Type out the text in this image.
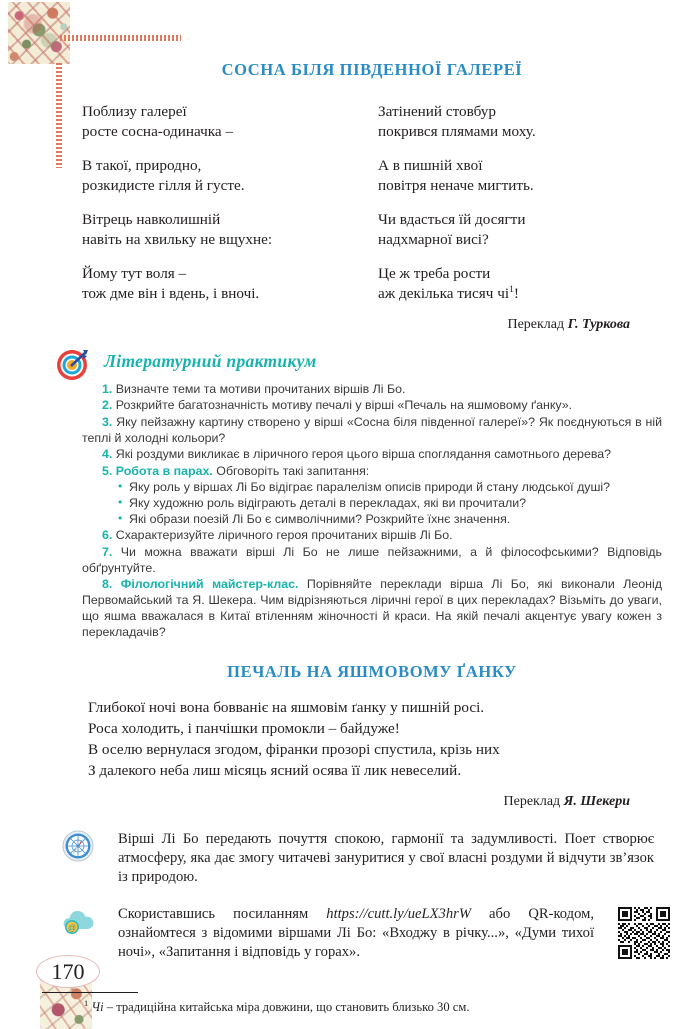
170
СОСНА БІЛЯ ПІВДЕННОЇ ГАЛЕРЕЇ
Поблизу галереї
росте сосна-одиначка –
В такої, природно,
розкидисте гілля й густе.
Вітрець навколишній
навіть на хвильку не вщухне:
Йому тут воля –
тож дме він і вдень, і вночі.
Затінений стовбур
покрився плямами моху.
А в пишній хвої
повітря неначе мигтить.
Чи вдасться їй досягти
надхмарної висі?
Це ж треба рости
аж декілька тисяч чі$^1$!
Переклад Г. Туркова
Літературний практикум

1. Визначте теми та мотиви прочитаних віршів Лі Бо.

2. Розкрийте багатозначність мотиву печалі у вірші «Печаль на яшмовому ґанку».

3. Яку пейзажну картину створено у вірші «Сосна біля південної галереї»? Як поєднуються в ній теплі й холодні кольори?

4. Які роздуми викликає в ліричного героя цього вірша споглядання самотнього дерева?

5. Робота в парах. Обговоріть такі запитання:

• Яку роль у віршах Лі Бо відіграє паралелізм описів природи й стану людської душі?
• Яку художню роль відіграють деталі в перекладах, які ви прочитали?
• Які образи поезій Лі Бо є символічними? Розкрийте їхнє значення.

6. Схарактеризуйте ліричного героя прочитаних віршів Лі Бо.

7. Чи можна вважати вірші Лі Бо не лише пейзажними, а й філософськими? Відповідь обґрунтуйте.

8. Філологічний майстер-клас. Порівняйте переклади вірша Лі Бо, які виконали Леонід Первомайський та Я. Шекера. Чим відрізняються ліричні герої в цих перекладах? Візьміть до уваги, що яшма вважалася в Китаї втіленням жіночності й краси. На якій печалі акцентує увагу кожен з перекладачів?

ПЕЧАЛЬ НА ЯШМОВОМУ ҐАНКУ
Глибокої ночі вона бовваніє на яшмовім ґанку у пишній росі.
Роса холодить, і панчішки промокли – байдуже!
В оселю вернулася згодом, фіранки прозорі спустила, крізь них
З далекого неба лиш місяць ясний осява її лик невеселий.
Переклад Я. Шекери
Вірші Лі Бо передають почуття спокою, гармонії та задумливості. Поет створює атмосферу, яка дає змогу читачеві зануритися у свої власні роздуми й відчути зв’язок із природою.
@
Скориставшись посиланням https://cutt.ly/ueLX3hrW або QR-кодом, ознайомтеся з відомими віршами Лі Бо: «Входжу в річку...», «Думи тихої ночі», «Запитання і відповідь у горах».
$^1$ Чі – традиційна китайська міра довжини, що становить близько 30 см.
